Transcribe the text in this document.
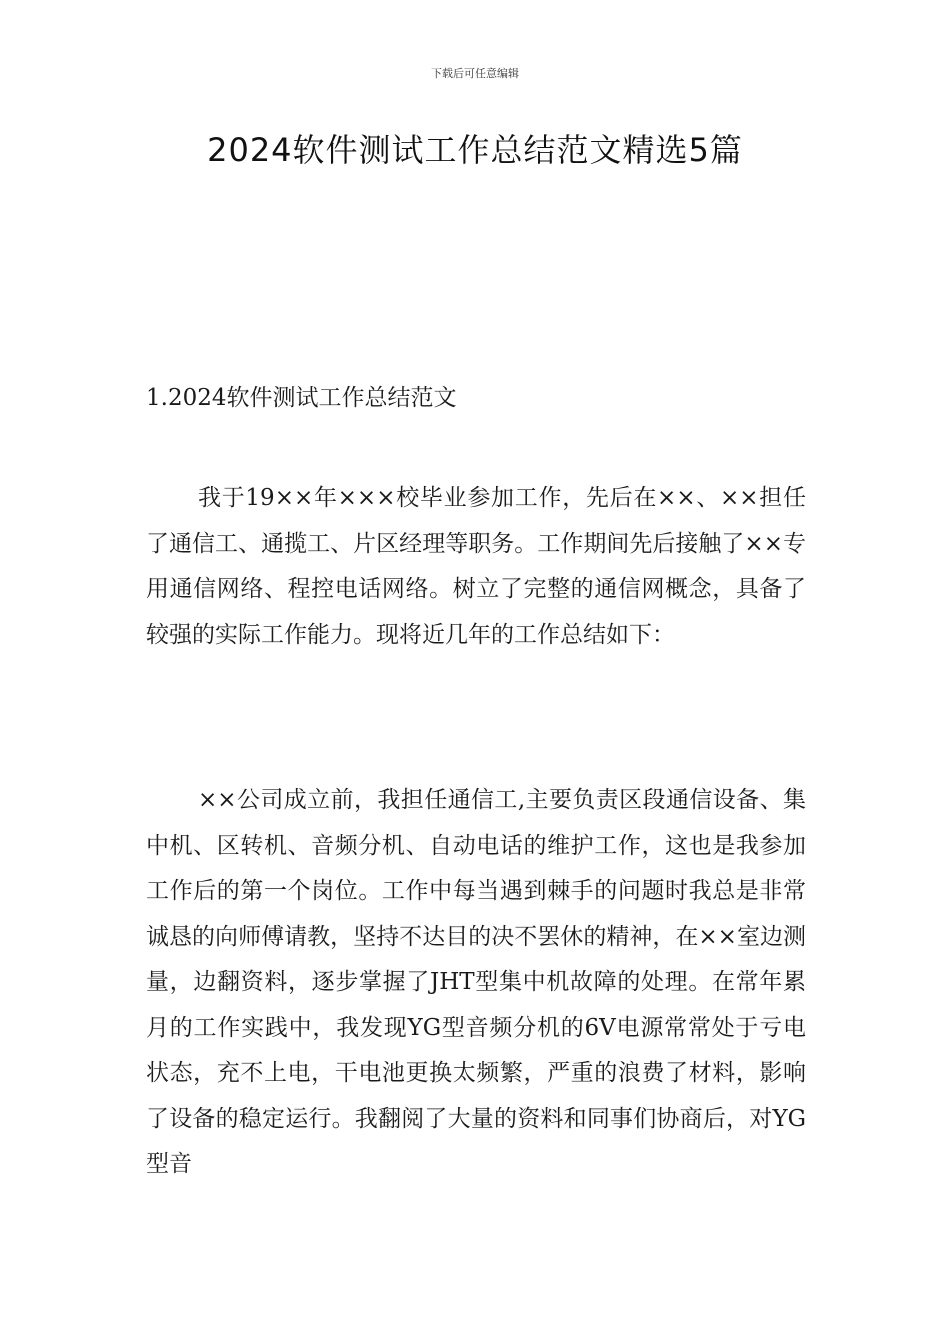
下载后可任意编辑
2024软件测试工作总结范文精选5篇
1.2024软件测试工作总结范文

我于19××年×××校毕业参加工作，先后在××、××担任了通信工、通揽工、片区经理等职务。工作期间先后接触了××专用通信网络、程控电话网络。树立了完整的通信网概念，具备了较强的实际工作能力。现将近几年的工作总结如下：

××公司成立前，我担任通信工,主要负责区段通信设备、集中机、区转机、音频分机、自动电话的维护工作，这也是我参加工作后的第一个岗位。工作中每当遇到棘手的问题时我总是非常诚恳的向师傅请教，坚持不达目的决不罢休的精神，在××室边测量，边翻资料，逐步掌握了JHT型集中机故障的处理。在常年累月的工作实践中，我发现YG型音频分机的6V电源常常处于亏电状态，充不上电，干电池更换太频繁，严重的浪费了材料，影响了设备的稳定运行。我翻阅了大量的资料和同事们协商后，对YG型音
